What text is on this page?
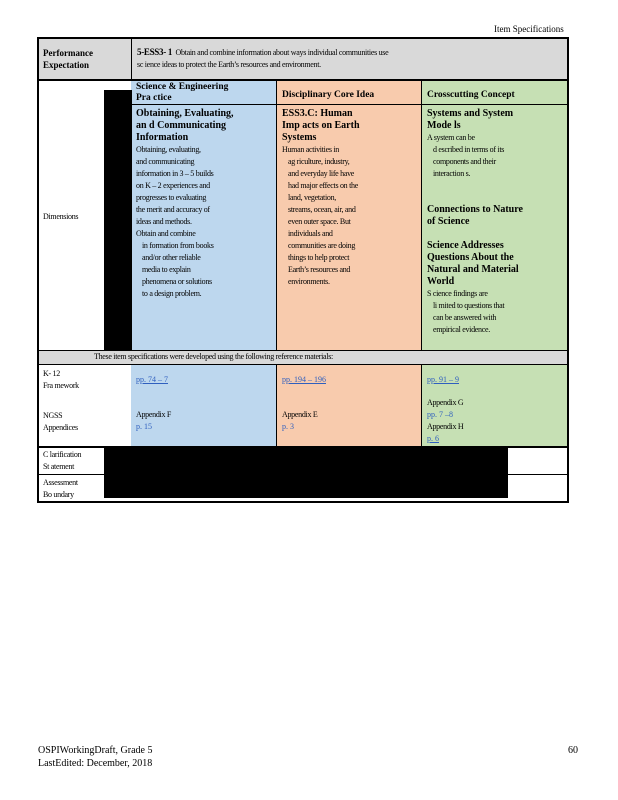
Item Specifications

Performance

Expectation

5-ESS3- 1 Obtain and combine information about ways individual communities use

sc ience ideas to protect the Earth’s resources and environment.

Dimensions

Science & Engineering

Pra ctice	Disciplinary Core Idea	Crosscutting Concept

Obtaining, Evaluating,

an d Communicating

Information

Obtaining, evaluating,

and communicating

information in 3 – 5 builds

on K – 2 experiences and

progresses to evaluating

the merit and accuracy of

ideas and methods.

Obtain and combine

in formation from books

and/or other reliable

media to explain

phenomena or solutions

to a design problem.

ESS3.C: Human

Imp acts on Earth

Systems

Human activities in

ag riculture, industry,

and everyday life have

had major effects on the

land, vegetation,

streams, ocean, air, and

even outer space. But

individuals and

communities are doing

things to help protect

Earth’s resources and

environments.

Systems and System

Mode ls

A system can be

d escribed in terms of its

components and their

interaction s.

Connections to Nature

of Science

Science Addresses

Questions About the

Natural and Material

World

S cience findings are

li mited to questions that

can be answered with

empirical evidence.

These item specifications were developed using the following reference materials:

K- 12

Fra mework

NGSS

Appendices

pp. 74 – 7
Appendix F
p. 15
pp. 194 – 196
Appendix E
p. 3
pp. 91 – 9
Appendix G
pp. 7 –8
Appendix H
p. 6

C larification

St atement

Assessment

Bo undary

OSPIWorkingDraft, Grade 5

LastEdited: December, 2018

60
